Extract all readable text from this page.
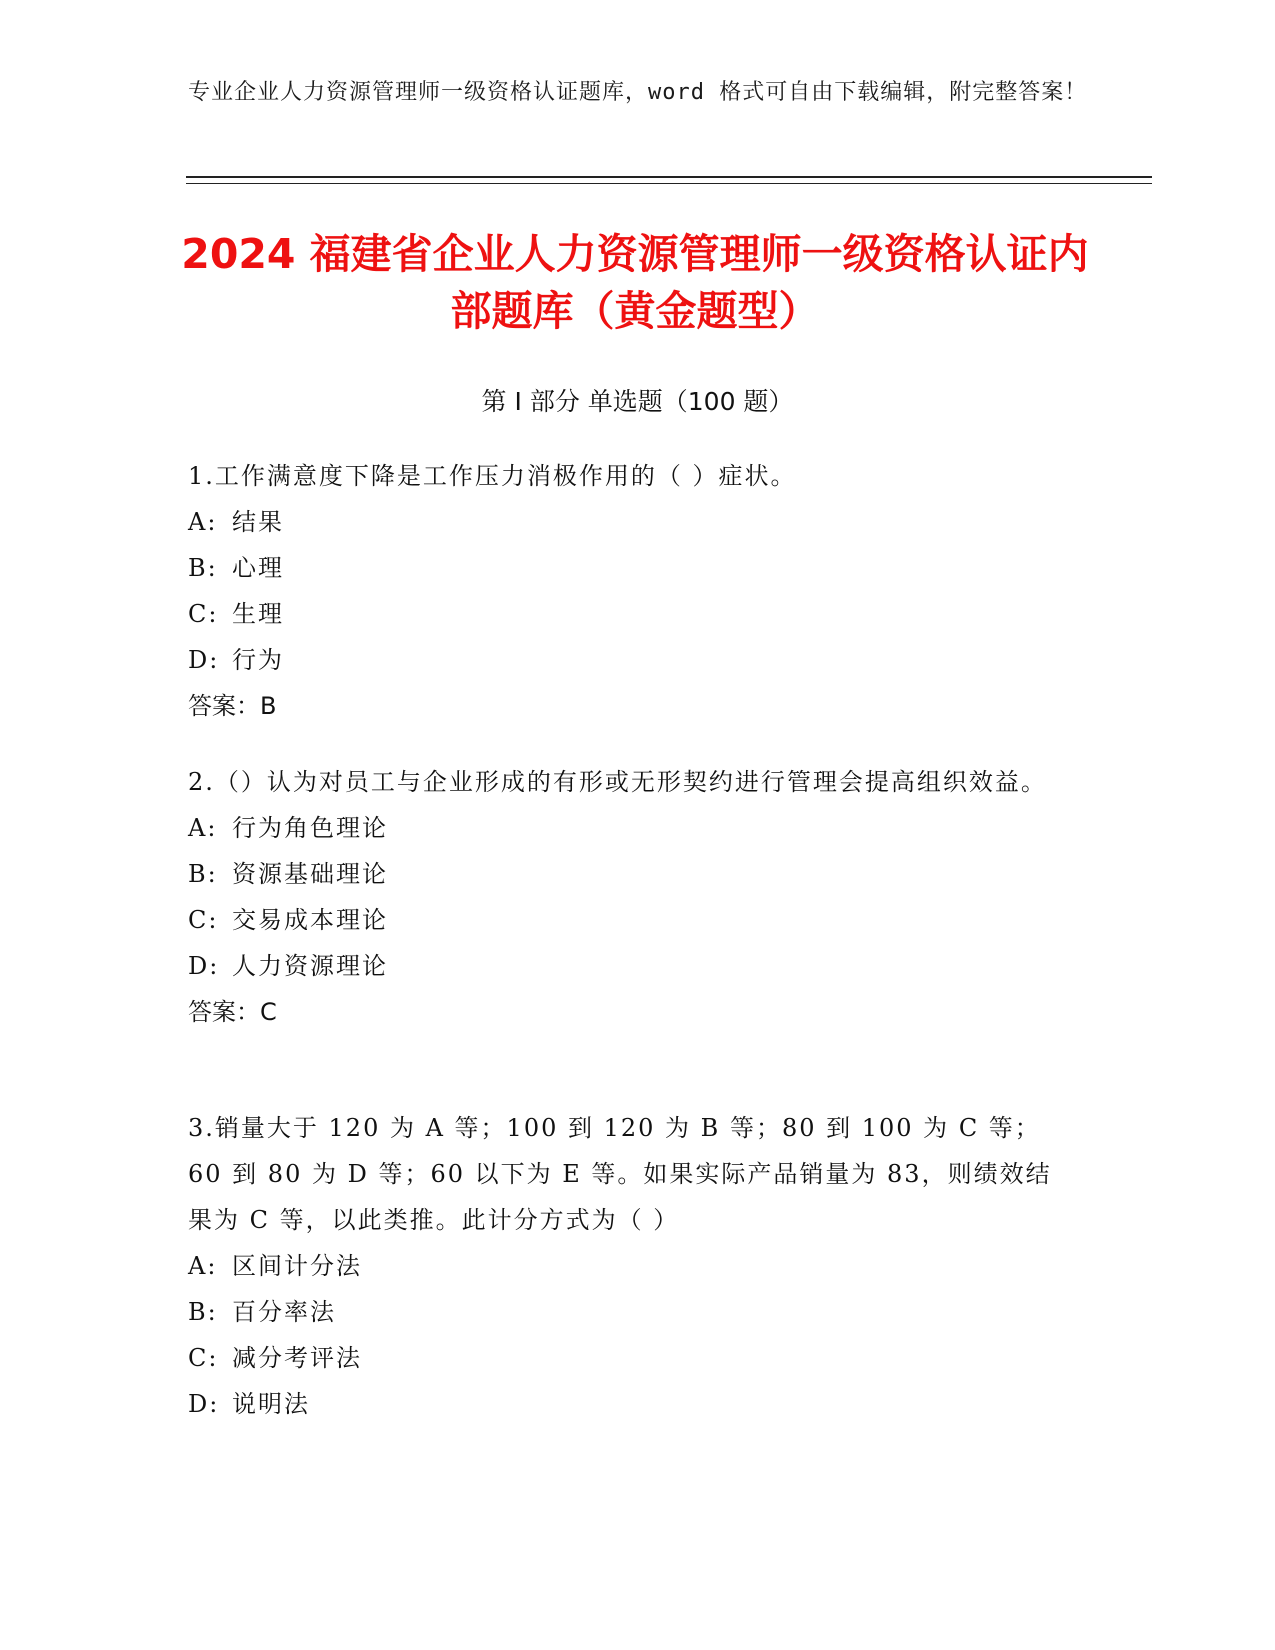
专业企业人力资源管理师一级资格认证题库，word 格式可自由下载编辑，附完整答案！
2024 福建省企业人力资源管理师一级资格认证内部题库（黄金题型）
第 I 部分 单选题（100 题）
1.工作满意度下降是工作压力消极作用的（ ）症状。
A: 结果
B: 心理
C: 生理
D: 行为
答案：B
2.（）认为对员工与企业形成的有形或无形契约进行管理会提高组织效益。
A: 行为角色理论
B: 资源基础理论
C: 交易成本理论
D: 人力资源理论
答案：C
3.销量大于 120 为 A 等；100 到 120 为 B 等；80 到 100 为 C 等；60 到 80 为 D 等；60 以下为 E 等。如果实际产品销量为 83，则绩效结果为 C 等，以此类推。此计分方式为（ ）
A: 区间计分法
B: 百分率法
C: 减分考评法
D: 说明法
